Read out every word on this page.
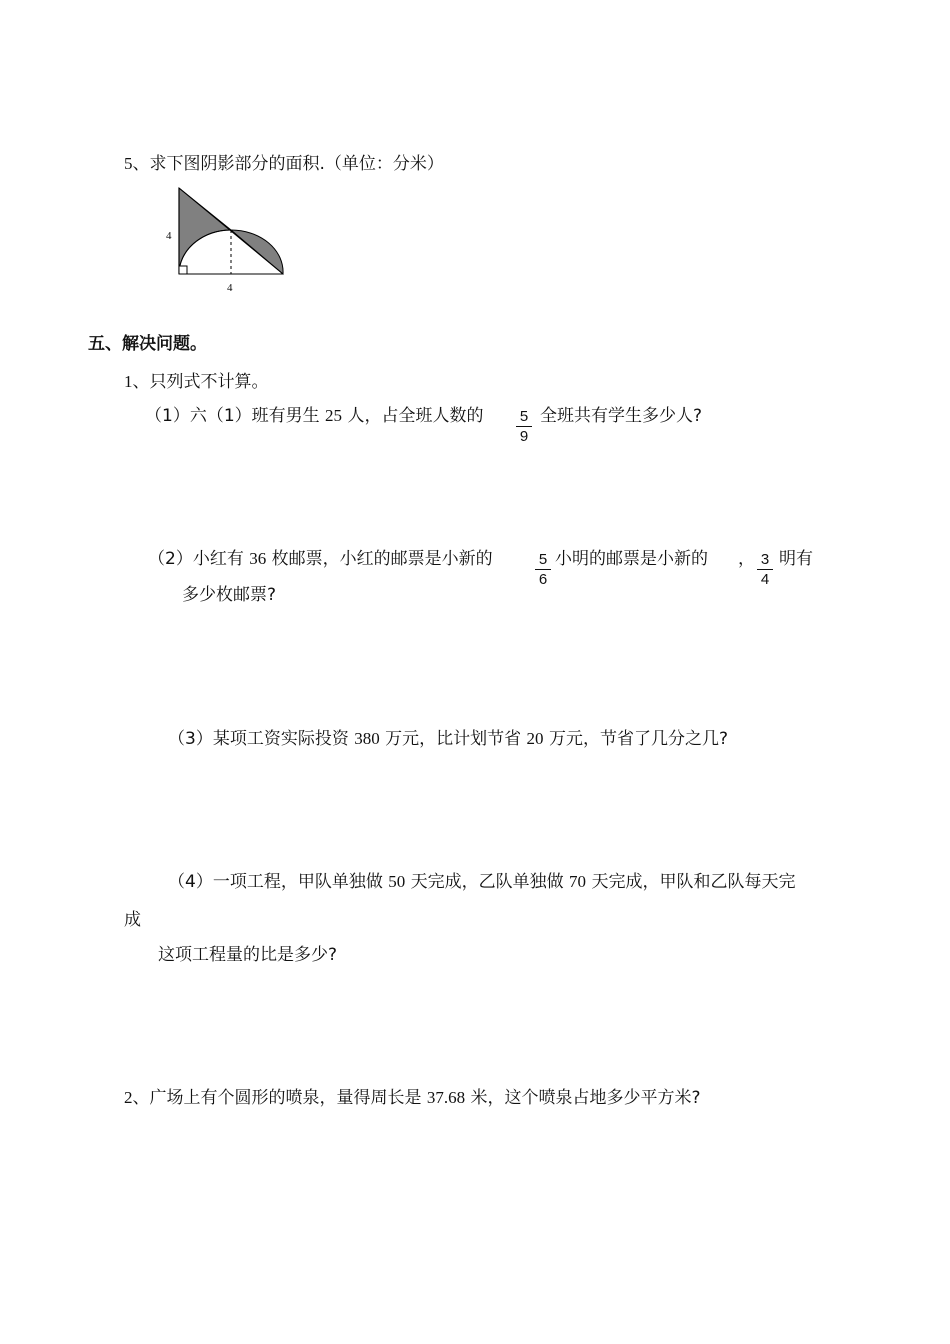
5、求下图阴影部分的面积.（单位：分米）
4
4
五、解决问题。
1、只列式不计算。
（1）六（1）班有男生 25 人，占全班人数的 5
9
全班共有学生多少人?
（2）小红有 36 枚邮票，小红的邮票是小新的	5
6
小明的邮票是小新的 ， 3
4
明有
多少枚邮票?
（3）某项工资实际投资 380 万元，比计划节省 20 万元，节省了几分之几?
（4）一项工程，甲队单独做 50 天完成，乙队单独做 70 天完成，甲队和乙队每天完
成
这项工程量的比是多少?
2、广场上有个圆形的喷泉，量得周长是 37.68 米，这个喷泉占地多少平方米?
